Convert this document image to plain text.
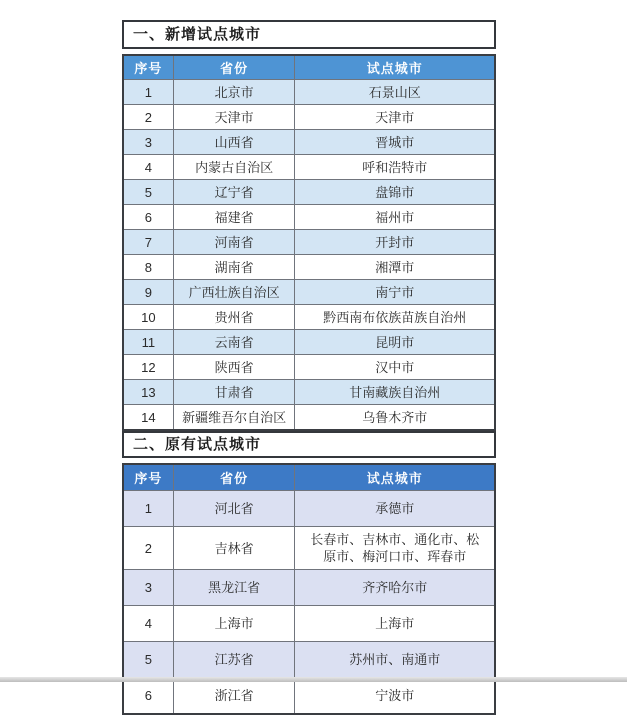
一、新增试点城市
序号	省份	试点城市
1	北京市	石景山区
2	天津市	天津市
3	山西省	晋城市
4	内蒙古自治区	呼和浩特市
5	辽宁省	盘锦市
6	福建省	福州市
7	河南省	开封市
8	湖南省	湘潭市
9	广西壮族自治区	南宁市
10	贵州省	黔西南布依族苗族自治州
11	云南省	昆明市
12	陕西省	汉中市
13	甘肃省	甘南藏族自治州
14	新疆维吾尔自治区	乌鲁木齐市
二、原有试点城市
序号	省份	试点城市
1	河北省	承德市
2	吉林省	长春市、吉林市、通化市、松原市、梅河口市、珲春市
3	黑龙江省	齐齐哈尔市
4	上海市	上海市
5	江苏省	苏州市、南通市
6	浙江省	宁波市
